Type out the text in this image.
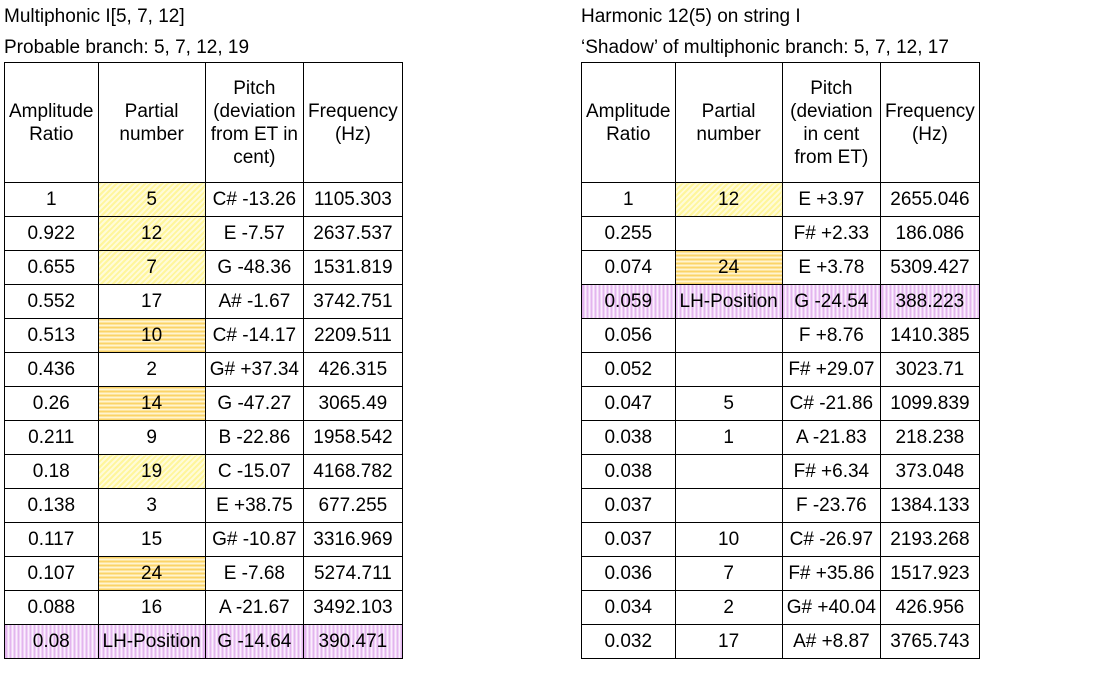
Multiphonic I[5, 7, 12]
Probable branch: 5, 7, 12, 19
Amplitude Ratio	Partial number	Pitch (deviation from ET in cent)	Frequency (Hz)
1	5	C# -13.26	1105.303
0.922	12	E -7.57	2637.537
0.655	7	G -48.36	1531.819
0.552	17	A# -1.67	3742.751
0.513	10	C# -14.17	2209.511
0.436	2	G# +37.34	426.315
0.26	14	G -47.27	3065.49
0.211	9	B -22.86	1958.542
0.18	19	C -15.07	4168.782
0.138	3	E +38.75	677.255
0.117	15	G# -10.87	3316.969
0.107	24	E -7.68	5274.711
0.088	16	A -21.67	3492.103
0.08	LH-Position	G -14.64	390.471
Harmonic 12(5) on string I
‘Shadow’ of multiphonic branch: 5, 7, 12, 17
Amplitude Ratio	Partial number	Pitch (deviation in cent from ET)	Frequency (Hz)
1	12	E +3.97	2655.046
0.255		F# +2.33	186.086
0.074	24	E +3.78	5309.427
0.059	LH-Position	G -24.54	388.223
0.056		F +8.76	1410.385
0.052		F# +29.07	3023.71
0.047	5	C# -21.86	1099.839
0.038	1	A -21.83	218.238
0.038		F# +6.34	373.048
0.037		F -23.76	1384.133
0.037	10	C# -26.97	2193.268
0.036	7	F# +35.86	1517.923
0.034	2	G# +40.04	426.956
0.032	17	A# +8.87	3765.743
